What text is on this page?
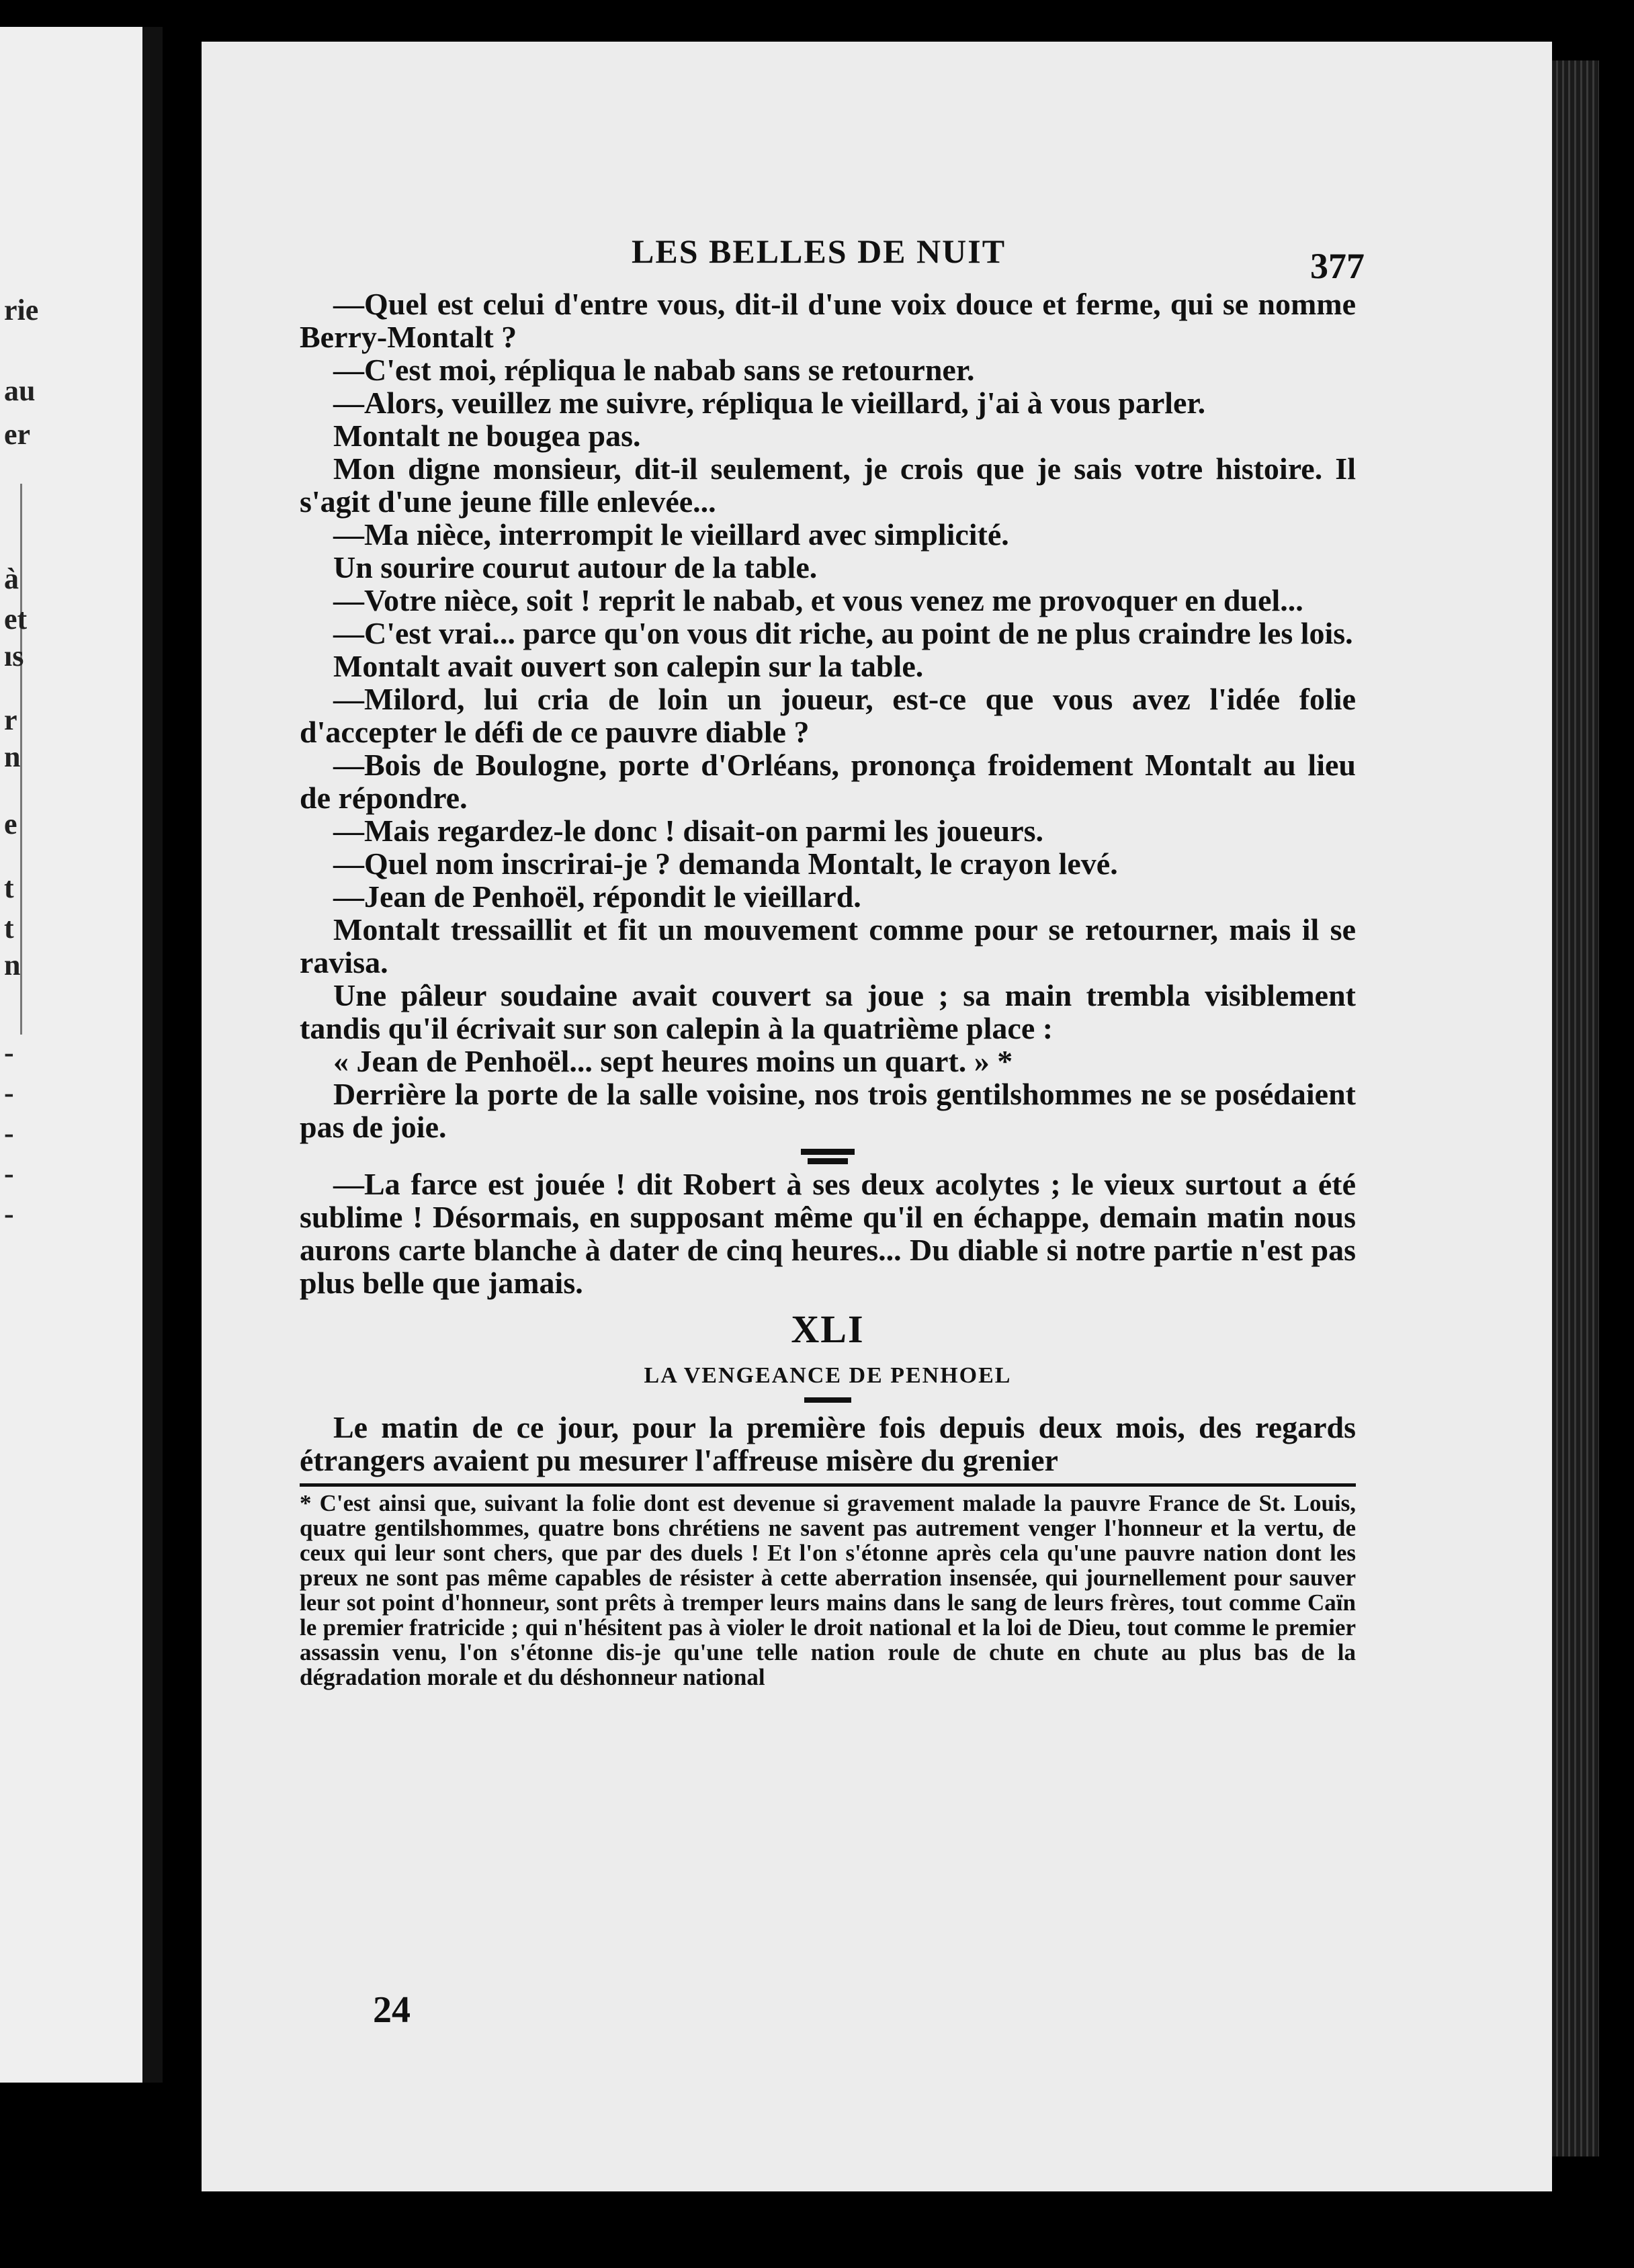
rie
au
er
à
et
ıs
r
n
e
t
t
n
-
-
-
-
-
LES BELLES DE NUIT	377

—Quel est celui d'entre vous, dit-il d'une voix douce et ferme, qui se nomme Berry-Montalt ?

—C'est moi, répliqua le nabab sans se retourner.

—Alors, veuillez me suivre, répliqua le vieillard, j'ai à vous parler.

Montalt ne bougea pas.

Mon digne monsieur, dit-il seulement, je crois que je sais votre histoire. Il s'agit d'une jeune fille enlevée...

—Ma nièce, interrompit le vieillard avec simplicité.

Un sourire courut autour de la table.

—Votre nièce, soit ! reprit le nabab, et vous venez me provoquer en duel...

—C'est vrai... parce qu'on vous dit riche, au point de ne plus craindre les lois.

Montalt avait ouvert son calepin sur la table.

—Milord, lui cria de loin un joueur, est-ce que vous avez l'idée folie d'accepter le défi de ce pauvre diable ?

—Bois de Boulogne, porte d'Orléans, prononça froidement Montalt au lieu de répondre.

—Mais regardez-le donc ! disait-on parmi les joueurs.

—Quel nom inscrirai-je ? demanda Montalt, le crayon levé.

—Jean de Penhoël, répondit le vieillard.

Montalt tressaillit et fit un mouvement comme pour se retourner, mais il se ravisa.

Une pâleur soudaine avait couvert sa joue ; sa main trembla visiblement tandis qu'il écrivait sur son calepin à la quatrième place :

« Jean de Penhoël... sept heures moins un quart. » *

Derrière la porte de la salle voisine, nos trois gentilshommes ne se posédaient pas de joie.

—La farce est jouée ! dit Robert à ses deux acolytes ; le vieux surtout a été sublime ! Désormais, en supposant même qu'il en échappe, demain matin nous aurons carte blanche à dater de cinq heures... Du diable si notre partie n'est pas plus belle que jamais.

XLI
LA VENGEANCE DE PENHOEL

Le matin de ce jour, pour la première fois depuis deux mois, des regards étrangers avaient pu mesurer l'affreuse misère du grenier

* C'est ainsi que, suivant la folie dont est devenue si gravement malade la pauvre France de St. Louis, quatre gentilshommes, quatre bons chrétiens ne savent pas autrement venger l'honneur et la vertu, de ceux qui leur sont chers, que par des duels ! Et l'on s'étonne après cela qu'une pauvre nation dont les preux ne sont pas même capables de résister à cette aberration insensée, qui journellement pour sauver leur sot point d'honneur, sont prêts à tremper leurs mains dans le sang de leurs frères, tout comme Caïn le premier fratricide ; qui n'hésitent pas à violer le droit national et la loi de Dieu, tout comme le premier assassin venu, l'on s'étonne dis-je qu'une telle nation roule de chute en chute au plus bas de la dégradation morale et du déshonneur national
24
